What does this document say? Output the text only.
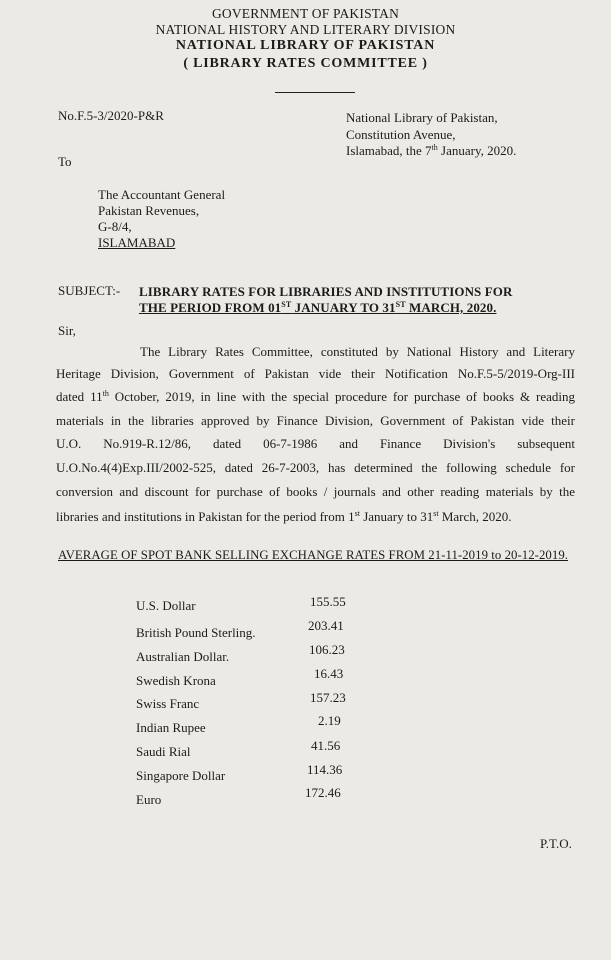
GOVERNMENT OF PAKISTAN
NATIONAL HISTORY AND LITERARY DIVISION
NATIONAL LIBRARY OF PAKISTAN
( LIBRARY RATES COMMITTEE )
No.F.5-3/2020-P&R	National Library of Pakistan,
Constitution Avenue,
Islamabad, the 7th January, 2020.
To
The Accountant General
Pakistan Revenues,
G-8/4,
ISLAMABAD
SUBJECT:- LIBRARY RATES FOR LIBRARIES AND INSTITUTIONS FOR
THE PERIOD FROM 01ST JANUARY TO 31ST MARCH, 2020.
Sir,
The Library Rates Committee, constituted by National History and Literary
Heritage Division, Government of Pakistan vide their Notification No.F.5-5/2019-Org-III
dated 11th October, 2019, in line with the special procedure for purchase of books & reading
materials in the libraries approved by Finance Division, Government of Pakistan vide their
U.O. No.919-R.12/86, dated 06-7-1986 and Finance Division's subsequent
U.O.No.4(4)Exp.III/2002-525, dated 26-7-2003, has determined the following schedule for
conversion and discount for purchase of books / journals and other reading materials by the
libraries and institutions in Pakistan for the period from 1st January to 31st March, 2020.
AVERAGE OF SPOT BANK SELLING EXCHANGE RATES FROM 21-11-2019 to 20-12-2019.
U.S. Dollar	155.55
British Pound Sterling.	203.41
Australian Dollar.	106.23
Swedish Krona	16.43
Swiss Franc	157.23
Indian Rupee	2.19
Saudi Rial	41.56
Singapore Dollar	114.36
Euro	172.46
P.T.O.
